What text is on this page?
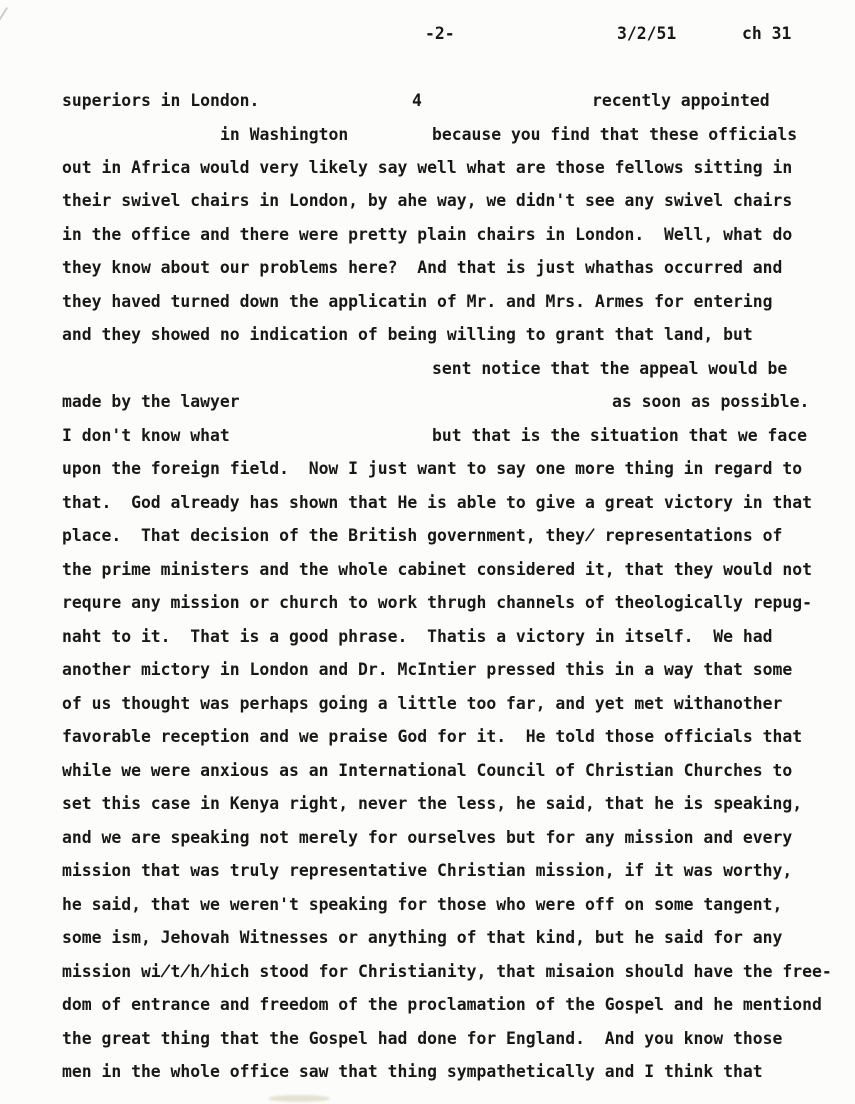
-2-	3/2/51	ch 31
superiors in London.	4	recently appointed
in Washington	because you find that these officials
out in Africa would very likely say well what are those fellows sitting in
their swivel chairs in London, by ahe way, we didn't see any swivel chairs
in the office and there were pretty plain chairs in London.  Well, what do
they know about our problems here?  And that is just whathas occurred and
they haved turned down the applicatin of Mr. and Mrs. Armes for entering
and they showed no indication of being willing to grant that land, but
sent notice that the appeal would be
made by the lawyer	as soon as possible.
I don't know what	but that is the situation that we face
upon the foreign field.  Now I just want to say one more thing in regard to
that.  God already has shown that He is able to give a great victory in that
place.  That decision of the British government, they̸ representations of
the prime ministers and the whole cabinet considered it, that they would not
requre any mission or church to work thrugh channels of theologically repug-
naht to it.  That is a good phrase.  Thatis a victory in itself.  We had
another mictory in London and Dr. McIntier pressed this in a way that some
of us thought was perhaps going a little too far, and yet met withanother
favorable reception and we praise God for it.  He told those officials that
while we were anxious as an International Council of Christian Churches to
set this case in Kenya right, never the less, he said, that he is speaking,
and we are speaking not merely for ourselves but for any mission and every
mission that was truly representative Christian mission, if it was worthy,
he said, that we weren't speaking for those who were off on some tangent,
some ism, Jehovah Witnesses or anything of that kind, but he said for any
mission wi̸t̸h̸hich stood for Christianity, that misaion should have the free-
dom of entrance and freedom of the proclamation of the Gospel and he mentiond
the great thing that the Gospel had done for England.  And you know those
men in the whole office saw that thing sympathetically and I think that
